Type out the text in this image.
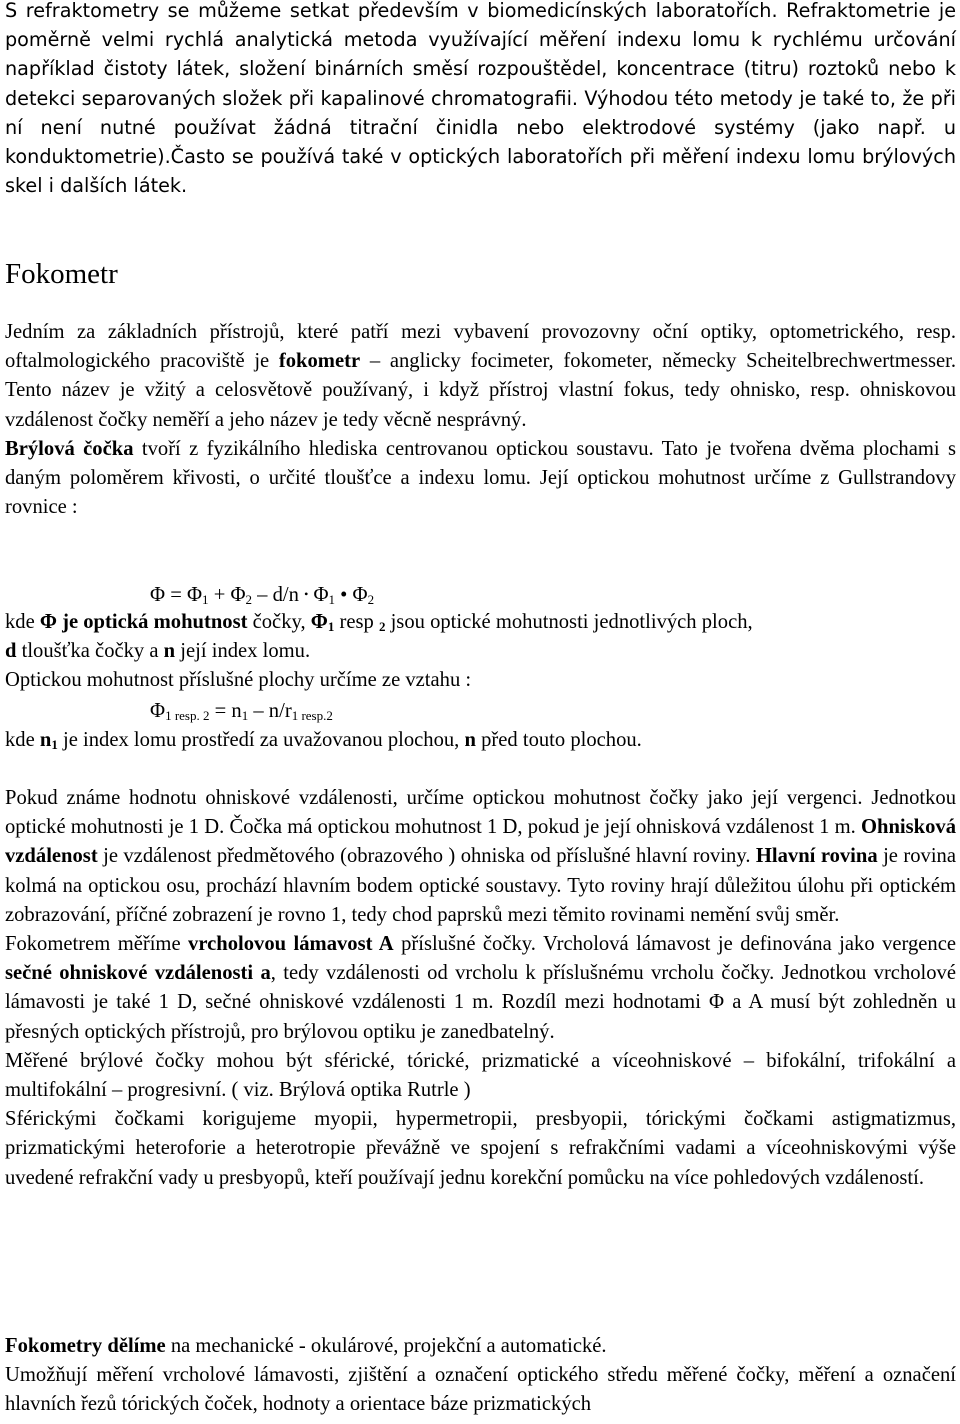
S refraktometry se můžeme setkat především v biomedicínských laboratořích. Refraktometrie je poměrně velmi rychlá analytická metoda využívající měření indexu lomu k rychlému určování například čistoty látek, složení binárních směsí rozpouštědel, koncentrace (titru) roztoků nebo k detekci separovaných složek při kapalinové chromatografii. Výhodou této metody je také to, že při ní není nutné používat žádná titrační činidla nebo elektrodové systémy (jako např. u konduktometrie).Často se používá také v optických laboratořích při měření indexu lomu brýlových skel i dalších látek.

Fokometr

Jedním za základních přístrojů, které patří mezi vybavení provozovny oční optiky, optometrického, resp. oftalmologického pracoviště je fokometr – anglicky focimeter, fokometer, německy Scheitelbrechwertmesser. Tento název je vžitý a celosvětově používaný, i když přístroj vlastní fokus, tedy ohnisko, resp. ohniskovou vzdálenost čočky neměří a jeho název je tedy věcně nesprávný.

Brýlová čočka tvoří z fyzikálního hlediska centrovanou optickou soustavu. Tato je tvořena dvěma plochami s daným poloměrem křivosti, o určité tloušťce a indexu lomu. Její optickou mohutnost určíme z Gullstrandovy rovnice :

$\Phi = \Phi_1 + \Phi_2 - d/n$ • $\Phi_1$ • $\Phi_2$

kde Φ je optická mohutnost čočky, $\Phi_1$ resp $_2$ jsou optické mohutnosti jednotlivých ploch,

d tloušťka čočky a n její index lomu.

Optickou mohutnost příslušné plochy určíme ze vztahu :

$\Phi_{1 resp. 2} = n_1 - n/r_{1 resp.2}$

kde $n_1$ je index lomu prostředí za uvažovanou plochou, n před touto plochou.

Pokud známe hodnotu ohniskové vzdálenosti, určíme optickou mohutnost čočky jako její vergenci. Jednotkou optické mohutnosti je 1 D. Čočka má optickou mohutnost 1 D, pokud je její ohnisková vzdálenost 1 m. Ohnisková vzdálenost je vzdálenost předmětového (obrazového ) ohniska od příslušné hlavní roviny. Hlavní rovina je rovina kolmá na optickou osu, prochází hlavním bodem optické soustavy. Tyto roviny hrají důležitou úlohu při optickém zobrazování, příčné zobrazení je rovno 1, tedy chod paprsků mezi těmito rovinami nemění svůj směr.

Fokometrem měříme vrcholovou lámavost A příslušné čočky. Vrcholová lámavost je definována jako vergence sečné ohniskové vzdálenosti a, tedy vzdálenosti od vrcholu k příslušnému vrcholu čočky. Jednotkou vrcholové lámavosti je také 1 D, sečné ohniskové vzdálenosti 1 m. Rozdíl mezi hodnotami Φ a A musí být zohledněn u přesných optických přístrojů, pro brýlovou optiku je zanedbatelný.

Měřené brýlové čočky mohou být sférické, tórické, prizmatické a víceohniskové – bifokální, trifokální a multifokální – progresivní. ( viz. Brýlová optika Rutrle )

Sférickými čočkami korigujeme myopii, hypermetropii, presbyopii, tórickými čočkami astigmatizmus, prizmatickými heteroforie a heterotropie převážně ve spojení s refrakčními vadami a víceohniskovými výše uvedené refrakční vady u presbyopů, kteří používají jednu korekční pomůcku na více pohledových vzdáleností.

Fokometry dělíme na mechanické - okulárové, projekční a automatické.

Umožňují měření vrcholové lámavosti, zjištění a označení optického středu měřené čočky, měření a označení hlavních řezů tórických čoček, hodnoty a orientace báze prizmatických
